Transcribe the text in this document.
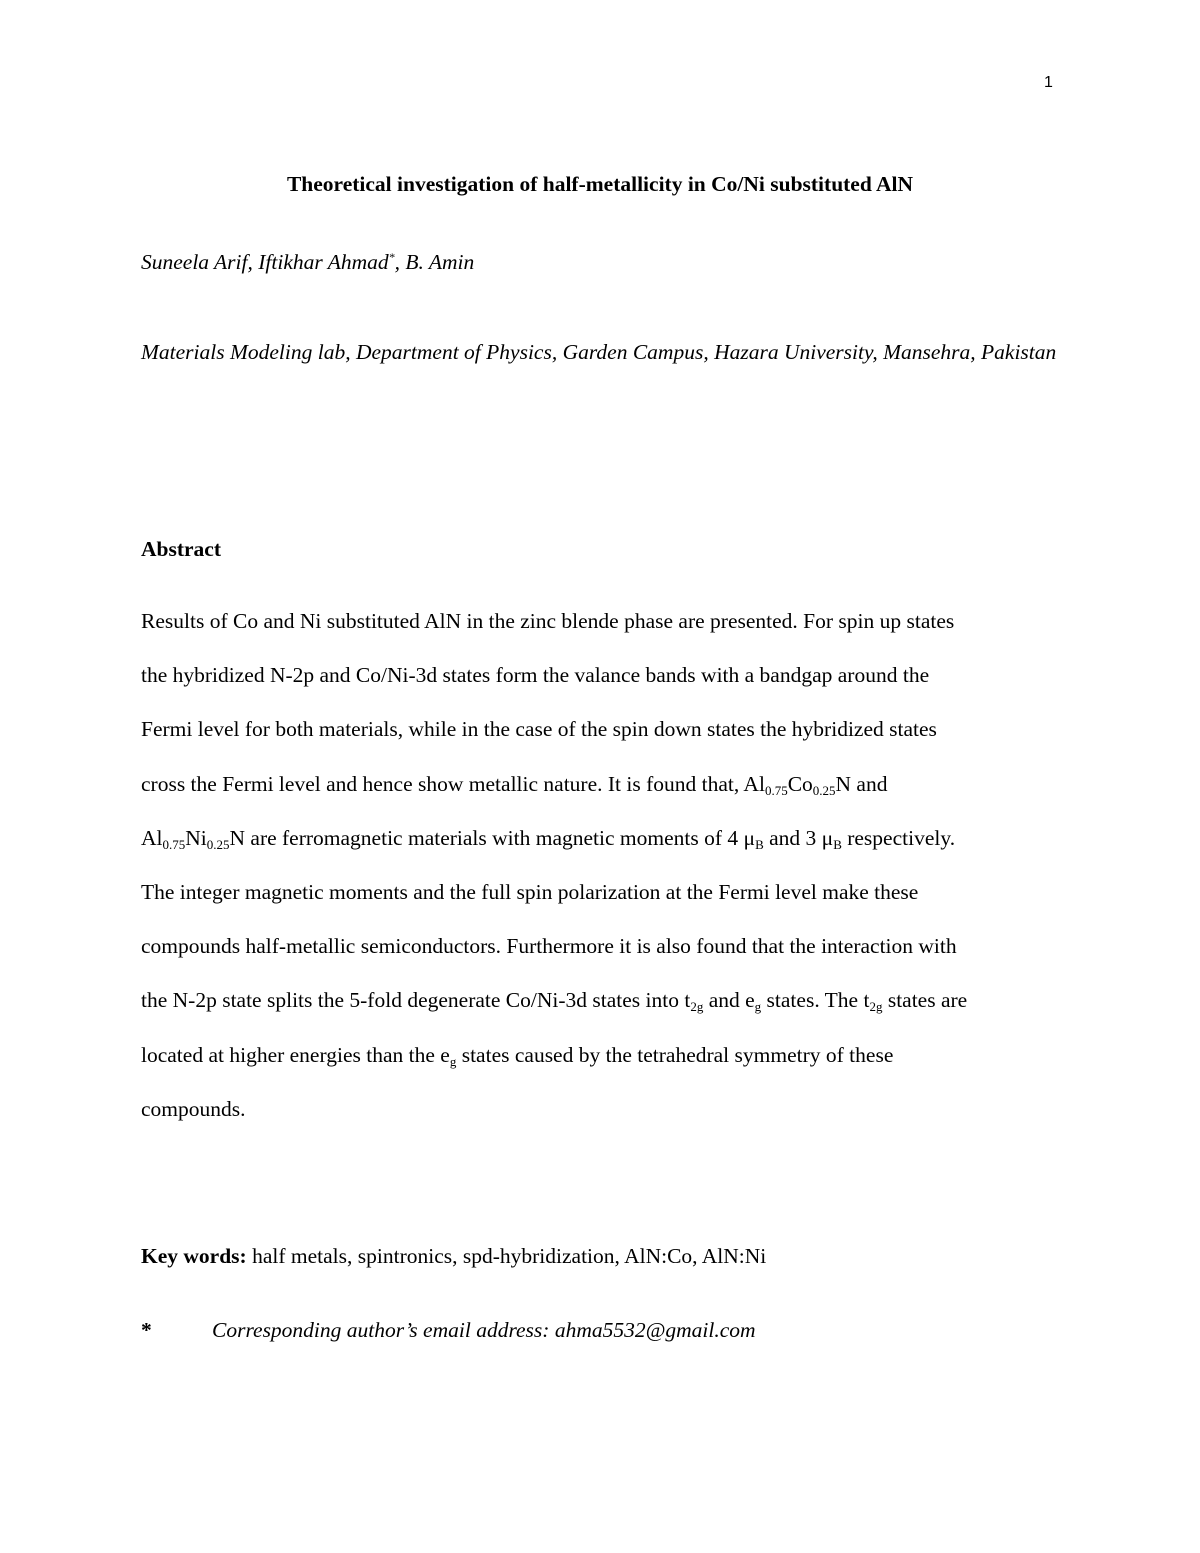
1
Theoretical investigation of half-metallicity in Co/Ni substituted AlN
Suneela Arif, Iftikhar Ahmad*, B. Amin
Materials Modeling lab, Department of Physics, Garden Campus, Hazara University, Mansehra, Pakistan
Abstract
Results of Co and Ni substituted AlN in the zinc blende phase are presented. For spin up states
the hybridized N-2p and Co/Ni-3d states form the valance bands with a bandgap around the
Fermi level for both materials, while in the case of the spin down states the hybridized states
cross the Fermi level and hence show metallic nature. It is found that, $Al_{0.75}Co_{0.25}N$ and
$Al_{0.75}Ni_{0.25}N$ are ferromagnetic materials with magnetic moments of 4 $\mu_B$ and 3 $\mu_B$ respectively.
The integer magnetic moments and the full spin polarization at the Fermi level make these
compounds half-metallic semiconductors. Furthermore it is also found that the interaction with
the N-2p state splits the 5-fold degenerate Co/Ni-3d states into $t_{2g}$ and $e_g$ states. The $t_{2g}$ states are
located at higher energies than the $e_g$ states caused by the tetrahedral symmetry of these
compounds.
Key words: half metals, spintronics, spd-hybridization, AlN:Co, AlN:Ni
*	Corresponding author’s email address: ahma5532@gmail.com
